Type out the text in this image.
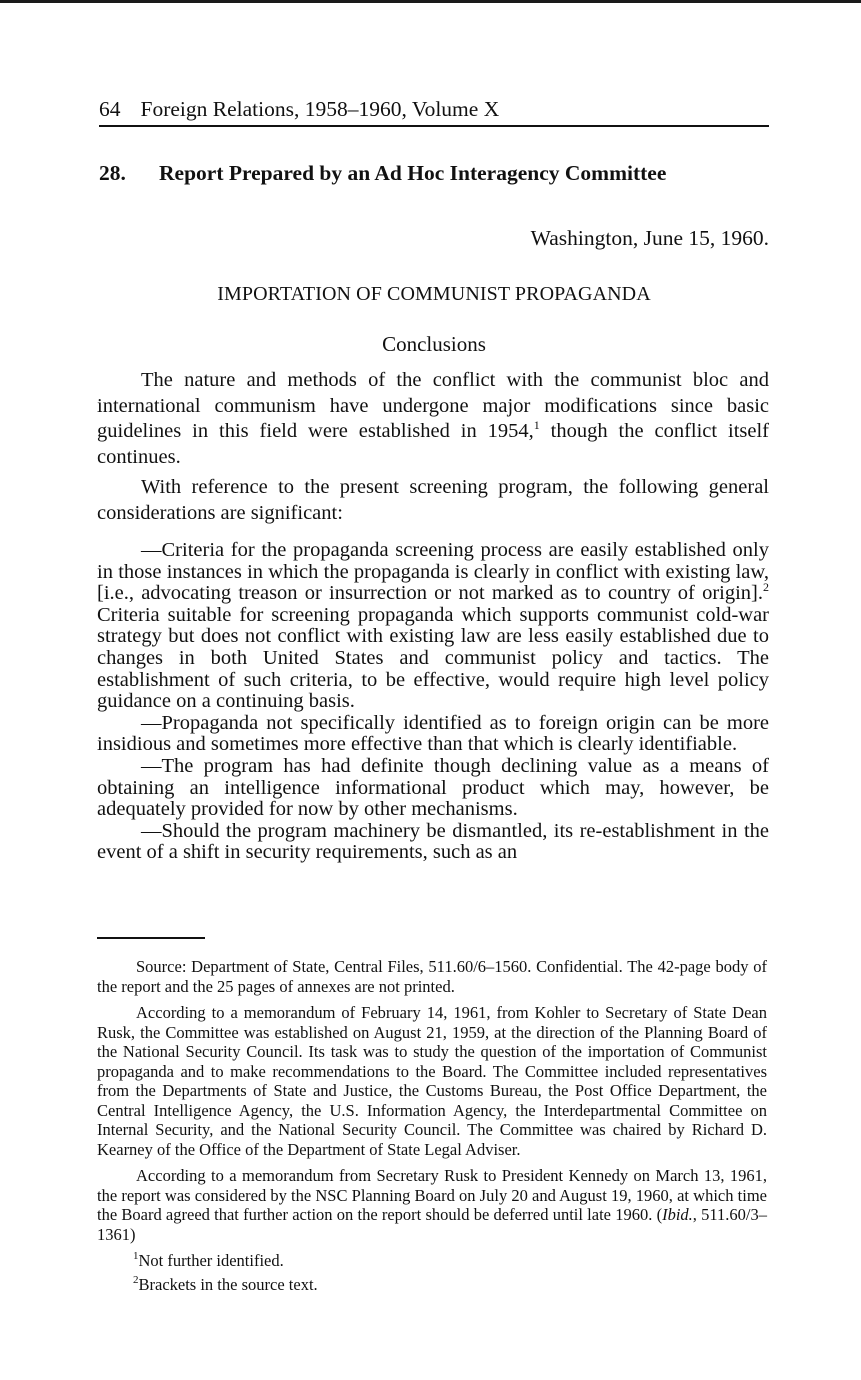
64 Foreign Relations, 1958–1960, Volume X
28. Report Prepared by an Ad Hoc Interagency Committee
Washington, June 15, 1960.
IMPORTATION OF COMMUNIST PROPAGANDA
Conclusions

The nature and methods of the conflict with the communist bloc and international communism have undergone major modifications since basic guidelines in this field were established in 1954,$^1$ though the conflict itself continues.

With reference to the present screening program, the following general considerations are significant:

—Criteria for the propaganda screening process are easily established only in those instances in which the propaganda is clearly in conflict with existing law, [i.e., advocating treason or insurrection or not marked as to country of origin].$^2$ Criteria suitable for screening propaganda which supports communist cold-war strategy but does not conflict with existing law are less easily established due to changes in both United States and communist policy and tactics. The establishment of such criteria, to be effective, would require high level policy guidance on a continuing basis.

—Propaganda not specifically identified as to foreign origin can be more insidious and sometimes more effective than that which is clearly identifiable.

—The program has had definite though declining value as a means of obtaining an intelligence informational product which may, however, be adequately provided for now by other mechanisms.

—Should the program machinery be dismantled, its re-establishment in the event of a shift in security requirements, such as an

Source: Department of State, Central Files, 511.60/6–1560. Confidential. The 42-page body of the report and the 25 pages of annexes are not printed.

According to a memorandum of February 14, 1961, from Kohler to Secretary of State Dean Rusk, the Committee was established on August 21, 1959, at the direction of the Planning Board of the National Security Council. Its task was to study the question of the importation of Communist propaganda and to make recommendations to the Board. The Committee included representatives from the Departments of State and Justice, the Customs Bureau, the Post Office Department, the Central Intelligence Agency, the U.S. Information Agency, the Interdepartmental Committee on Internal Security, and the National Security Council. The Committee was chaired by Richard D. Kearney of the Office of the Department of State Legal Adviser.

According to a memorandum from Secretary Rusk to President Kennedy on March 13, 1961, the report was considered by the NSC Planning Board on July 20 and August 19, 1960, at which time the Board agreed that further action on the report should be deferred until late 1960. (Ibid., 511.60/3–1361)

$^1$Not further identified.

$^2$Brackets in the source text.
